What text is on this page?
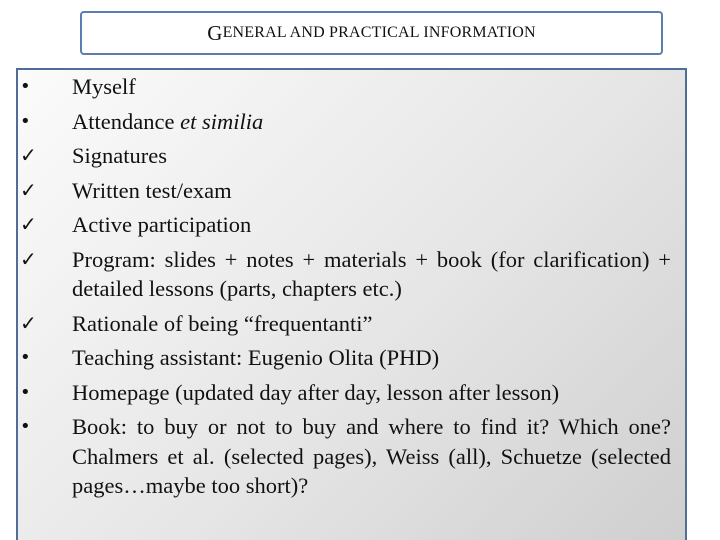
G ENERAL AND PRACTICAL INFORMATION
•	Myself
•	Attendance et similia
✓	Signatures
✓	Written test/exam
✓	Active participation
✓	Program: slides + notes + materials + book (for clarification) + detailed lessons (parts, chapters etc.)
✓	Rationale of being “frequentanti”
•	Teaching assistant: Eugenio Olita (PHD)
•	Homepage (updated day after day, lesson after lesson)
•	Book: to buy or not to buy and where to find it? Which one? Chalmers et al. (selected pages), Weiss (all), Schuetze (selected pages…maybe too short)?
